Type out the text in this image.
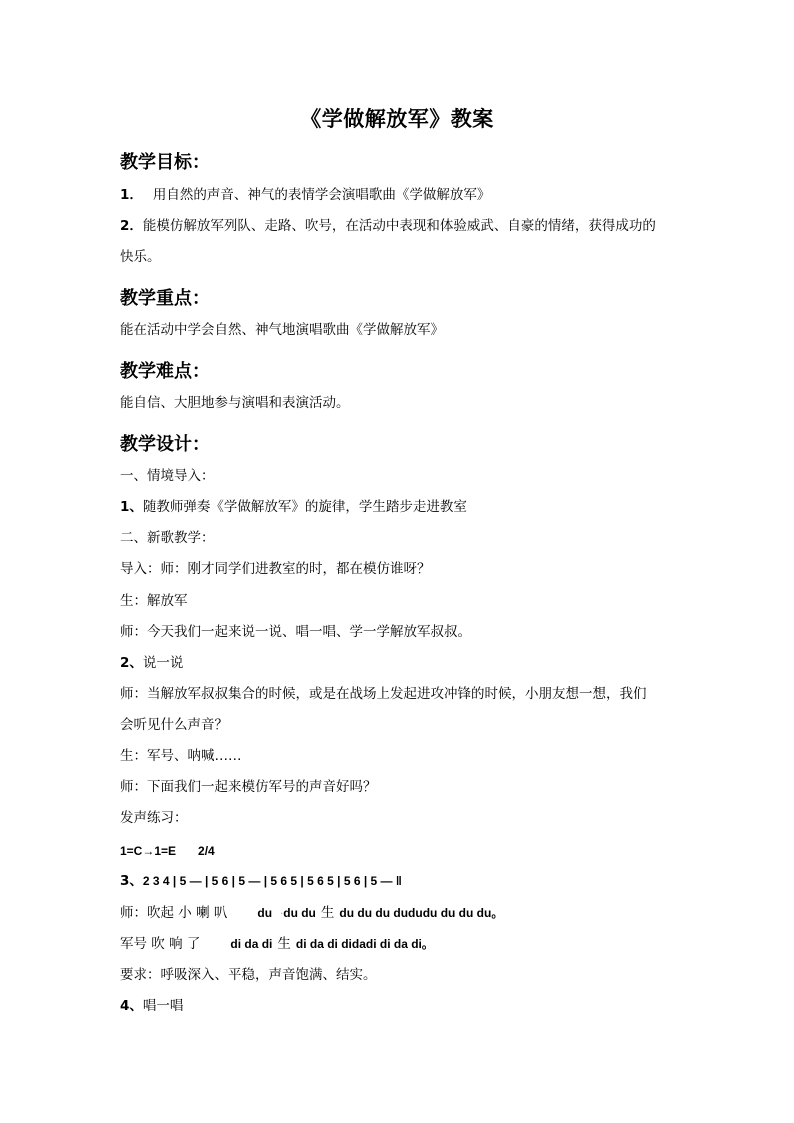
《学做解放军》教案
教学目标：
1． 用自然的声音、神气的表情学会演唱歌曲《学做解放军》
2．能模仿解放军列队、走路、吹号，在活动中表现和体验威武、自豪的情绪，获得成功的
快乐。
教学重点：
能在活动中学会自然、神气地演唱歌曲《学做解放军》
教学难点：
能自信、大胆地参与演唱和表演活动。
教学设计：
一、情境导入：
1、随教师弹奏《学做解放军》的旋律，学生踏步走进教室
二、新歌教学：
导入：师：刚才同学们进教室的时，都在模仿谁呀？
生：解放军
师：今天我们一起来说一说、唱一唱、学一学解放军叔叔。
2、说一说
师：当解放军叔叔集合的时候，或是在战场上发起进攻冲锋的时候，小朋友想一想，我们
会听见什么声音？
生：军号、呐喊……
师：下面我们一起来模仿军号的声音好吗？
发声练习：
1=C→1=E 2/4
3、2 3 4 | 5 — | 5 6 | 5 — | 5 6 5 | 5 6 5 | 5 6 | 5 — ‖
师：吹起 小 喇 叭	du ·du du 生 du du du dududu du du du。
军号 吹 响 了	di da di 生 di da di didadi di da di。
要求：呼吸深入、平稳，声音饱满、结实。
4、唱一唱
